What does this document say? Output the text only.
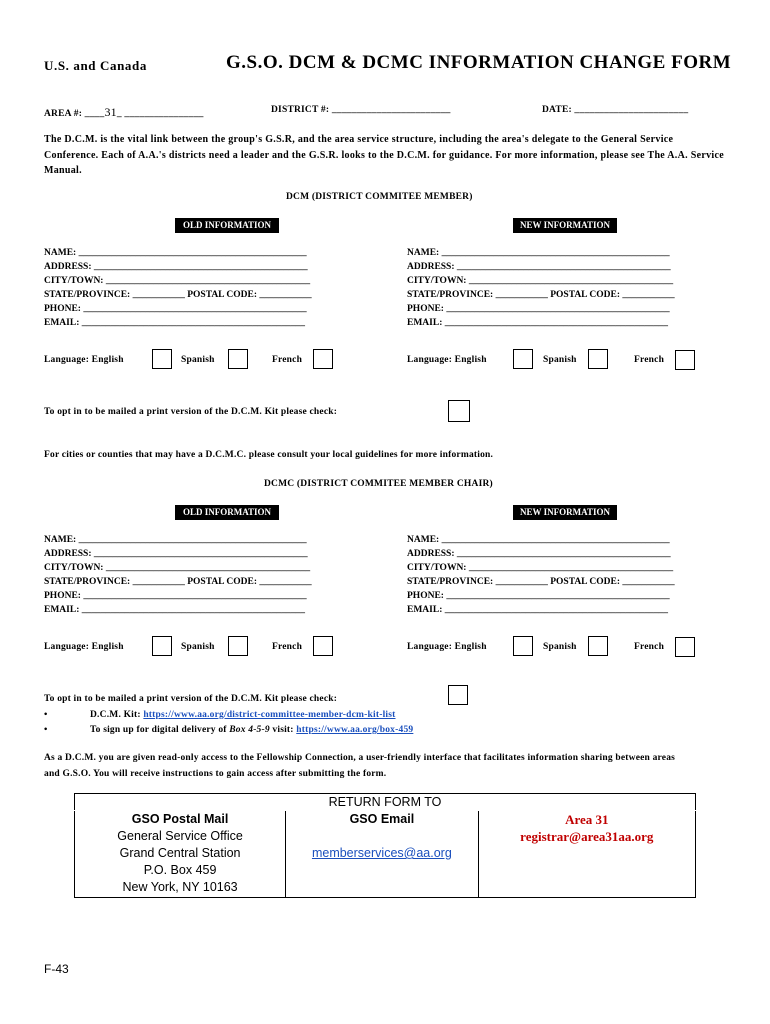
U.S. and Canada	G.S.O. DCM & DCMC INFORMATION CHANGE FORM
AREA #: ____31_ ________________	DISTRICT #: ________________________	DATE: _______________________
The D.C.M. is the vital link between the group's G.S.R, and the area service structure, including the area's delegate to the General Service Conference. Each of A.A.'s districts need a leader and the G.S.R. looks to the D.C.M. for guidance. For more information, please see The A.A. Service Manual.
DCM (DISTRICT COMMITEE MEMBER)
OLD INFORMATION	NEW INFORMATION
NAME: ________________________________________________
ADDRESS: _____________________________________________
CITY/TOWN: ___________________________________________
STATE/PROVINCE: ___________ POSTAL CODE: ___________
PHONE: _______________________________________________
EMAIL: _______________________________________________
NAME: ________________________________________________
ADDRESS: _____________________________________________
CITY/TOWN: ___________________________________________
STATE/PROVINCE: ___________ POSTAL CODE: ___________
PHONE: _______________________________________________
EMAIL: _______________________________________________
Language: English	Spanish	French	Language: English	Spanish	French
To opt in to be mailed a print version of the D.C.M. Kit please check:
For cities or counties that may have a D.C.M.C. please consult your local guidelines for more information.
DCMC (DISTRICT COMMITEE MEMBER CHAIR)
OLD INFORMATION	NEW INFORMATION
NAME: ________________________________________________
ADDRESS: _____________________________________________
CITY/TOWN: ___________________________________________
STATE/PROVINCE: ___________ POSTAL CODE: ___________
PHONE: _______________________________________________
EMAIL: _______________________________________________
NAME: ________________________________________________
ADDRESS: _____________________________________________
CITY/TOWN: ___________________________________________
STATE/PROVINCE: ___________ POSTAL CODE: ___________
PHONE: _______________________________________________
EMAIL: _______________________________________________
Language: English	Spanish	French	Language: English	Spanish	French
To opt in to be mailed a print version of the D.C.M. Kit please check:
•	D.C.M. Kit: https://www.aa.org/district-committee-member-dcm-kit-list
•	To sign up for digital delivery of Box 4-5-9 visit: https://www.aa.org/box-459
As a D.C.M. you are given read-only access to the Fellowship Connection, a user-friendly interface that facilitates information sharing between areas and G.S.O. You will receive instructions to gain access after submitting the form.
RETURN FORM TO

GSO Postal Mail
General Service Office
Grand Central Station
P.O. Box 459
New York, NY 10163

GSO Email
memberservices@aa.org

Area 31
registrar@area31aa.org
F-43
